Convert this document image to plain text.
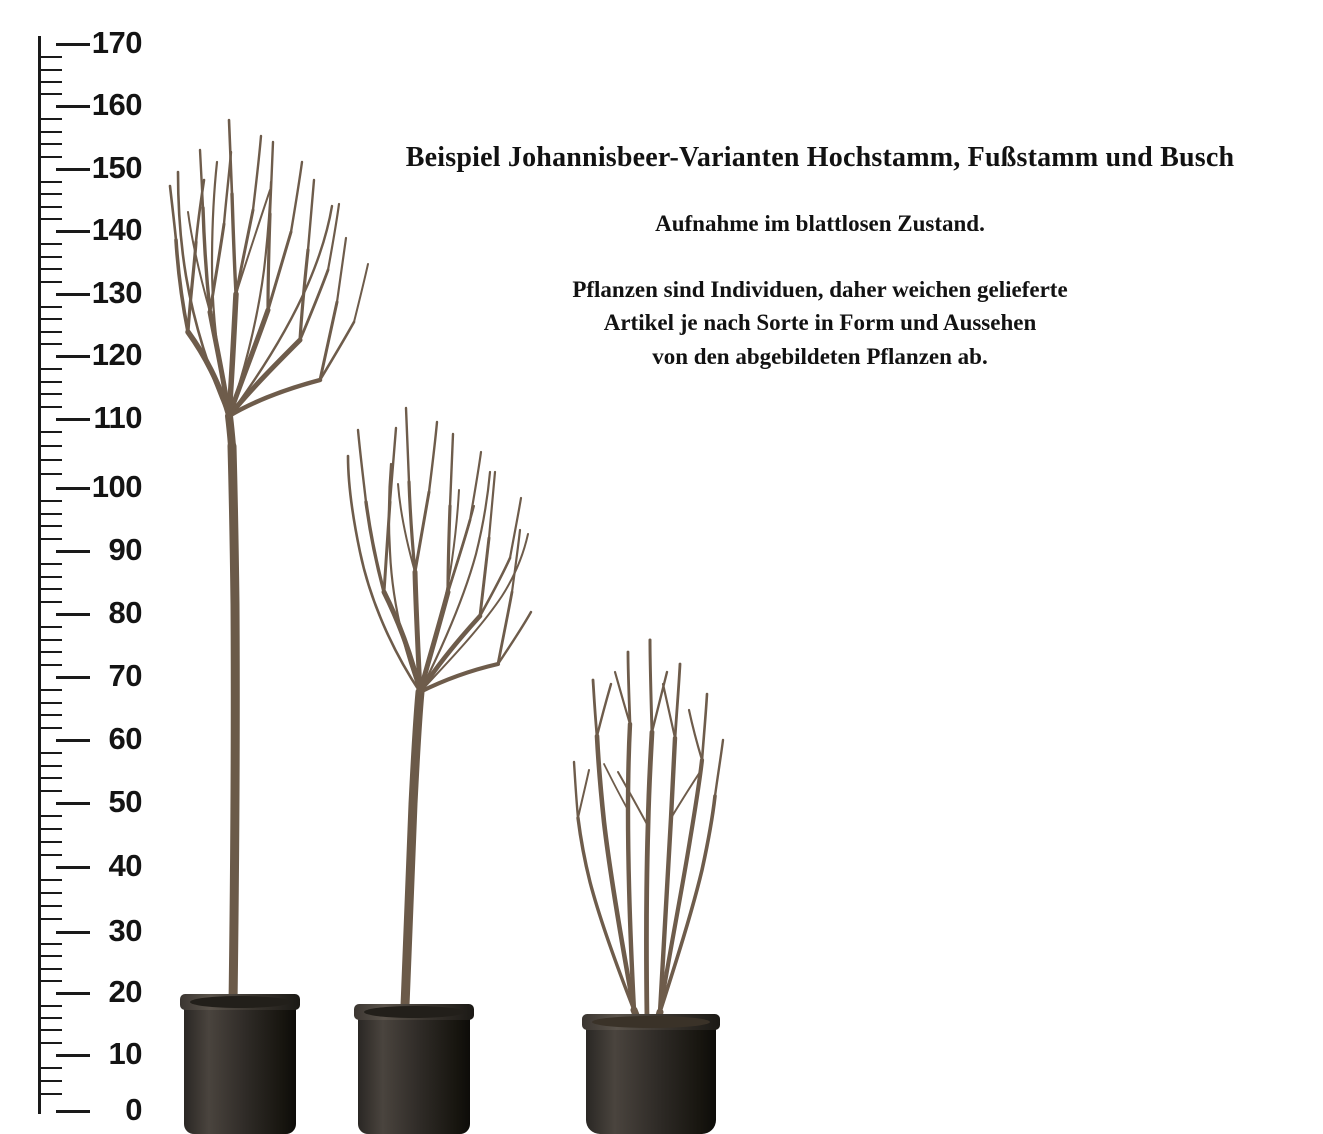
170
160
150
140
130
120
110
100
90
80
70
60
50
40
30
20
10
0
Beispiel Johannisbeer-Varianten Hochstamm, Fußstamm und Busch
Aufnahme im blattlosen Zustand.
Pflanzen sind Individuen, daher weichen gelieferte
Artikel je nach Sorte in Form und Aussehen
von den abgebildeten Pflanzen ab.
